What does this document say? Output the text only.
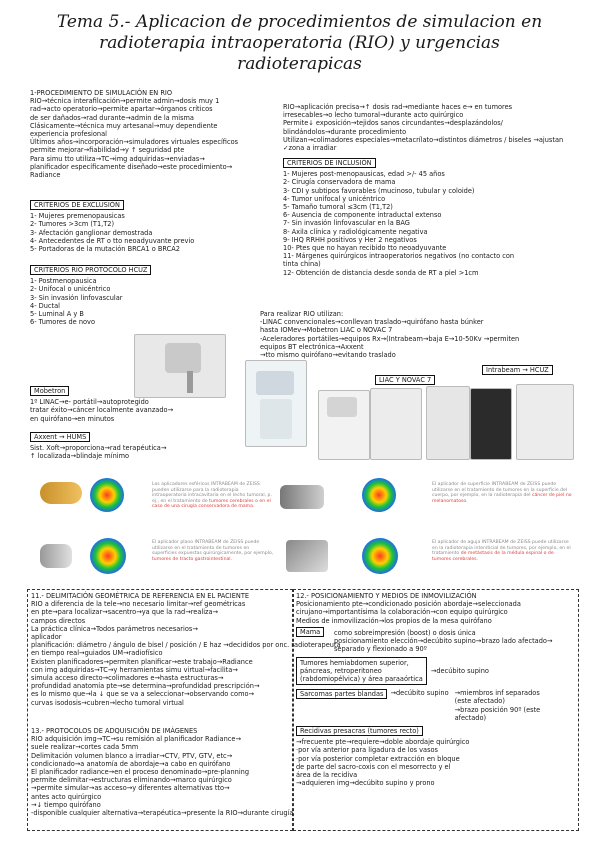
Tema 5.- Aplicacion de procedimientos de simulacion en
radioterapia intraoperatoria (RIO) y urgencias
radioterapicas
1-PROCEDIMIENTO DE SIMULACIÓN EN RIO
RIO→técnica interafilcación→permite admin→dosis muy 1
rad→acto operatorio→permite apartar→órganos críticos
de ser dañados→rad durante→admin de la misma
Clásicamente→técnica muy artesanal→muy dependiente
experiencia profesional
Últimos años→incorporación→simuladores virtuales específicos
permite mejorar→fiabilidad→y ↑ seguridad pte
Para simu tto utiliza→TC→img adquiridas→enviadas→
planificador específicamente diseñado→este procedimiento→
Radiance
CRITERIOS DE EXCLUSIÓN
1- Mujeres premenopausicas
2- Tumores >3cm (T1,T2)
3- Afectación ganglionar demostrada
4- Antecedentes de RT o tto neoadyuvante previo
5- Portadoras de la mutación BRCA1 o BRCA2
CRITERIOS RIO PROTOCOLO HCUZ
1- Postmenopausica
2- Unifocal o unicéntrico
3- Sin invasión linfovascular
4- Ductal
5- Luminal A y B
6- Tumores de novo
RIO→aplicación precisa→↑ dosis rad→mediante haces e→ en tumores
irresecables→o lecho tumoral→durante acto quirúrgico
Permite↓ exposición→tejidos sanos circundantes→desplazándolos/
blindándolos→durante procedimiento
Utilizan→colimadores especiales→metacrílato→distintos diámetros / biseles →ajustan
✓zona a irradiar
CRITERIOS DE INCLUSIÓN
1- Mujeres post-menopausicas, edad >/- 45 años
2- Cirugía conservadora de mama
3- CDI y subtipos favorables (mucinoso, tubular y coloide)
4- Tumor unifocal y unicéntrico
5- Tamaño tumoral ≤3cm (T1,T2)
6- Ausencia de componente intraductal extenso
7- Sin invasión linfovascular en la BAG
8- Axila clínica y radiológicamente negativa
9- IHQ RRHH positivos y Her 2 negativos
10- Ptes que no hayan recibido tto neoadyuvante
11- Márgenes quirúrgicos intraoperatorios negativos (no contacto con
tinta china)
12- Obtención de distancia desde sonda de RT a piel >1cm
Para realizar RIO utilizan:
-LINAC convencionales→conllevan traslado→quirófano hasta búnker
hasta IOMev→Mobetron LIAC o NOVAC 7
-Aceleradores portátiles→equipos Rx→(Intrabeam→baja E→10-50Kv →permiten
equipos BT electrónica→Axxent
→tto mismo quirófano→evitando traslado
LIAC Y NOVAC 7
Intrabeam → HCUZ
Mobetron
1º LINAC→e- portátil→autoprotegido
tratar éxito→cáncer localmente avanzado→
en quirófano→en minutos
Axxent → HUMS
Sist. Xoft→proporciona→rad terapéutica→
↑ localizada→blindaje mínimo
Los aplicadores esféricos INTRABEAM de ZEISS pueden utilizarse para la radioterapia intraoperatoria intracavitaria en el lecho tumoral, p. ej., en el tratamiento de tumores cerebrales o en el caso de una cirugía conservadora de mama.
El aplicador de superficie INTRABEAM de ZEISS puede utilizarse en el tratamiento de tumores en la superficie del cuerpo, por ejemplo, en la radioterapia del cáncer de piel no melanomatoso.
El aplicador plano INTRABEAM de ZEISS puede utilizarse en el tratamiento de tumores en superficies expuestas quirúrgicamente, por ejemplo, tumores de tracto gastrointestinal.
El aplicador de aguja INTRABEAM de ZEISS puede utilizarse en la radioterapia intersticial de tumores, por ejemplo, en el tratamiento de metástasis de la médula espinal o de tumores cerebrales.
11.- DELIMITACIÓN GEOMÉTRICA DE REFERENCIA EN EL PACIENTE
RIO a diferencia de la tele→no necesario limitar→ref geométricas
en pte→para localizar→sacentro→ya que la rad→realiza→
campos directos
La práctica clínica→Todos parámetros necesarios→
aplicador
planificación: diámetro / ángulo de bisel / posición / E haz →decididos por onc. radioterapeuta
en tiempo real→guiados UM→radiofísico
Existen planificadores→permiten planificar→este trabajo→Radiance
con img adquiridas→TC→y herramientas simu virtual→facilita→
simula acceso directo→colimadores e→hasta estructuras→
profundidad anatomía pte→se determina→profundidad prescripción→
es lo mismo que→la ↓ que se va a seleccionar→observando como→
curvas isodosis→cubren→lecho tumoral virtual
13.- PROTOCOLOS DE ADQUISICIÓN DE IMÁGENES
RIO adquisición img→TC→su remisión al planificador Radiance→
suele realizar→cortes cada 5mm
Delimitación volumen blanco a irradiar→CTV, PTV, GTV, etc→
condicionado→a anatomía de abordaje→a cabo en quirófano
El planificador radiance→en el proceso denominado→pre-planning
permite delimitar→estructuras eliminando→marco quirúrgico
→permite simular→as acceso→y diferentes alternativas tto→
antes acto quirúrgico
→↓ tiempo quirófano
-disponible cualquier alternativa→terapéutica→presente la RIO→durante cirugía
12.- POSICIONAMIENTO Y MEDIOS DE INMOVILIZACIÓN
Posicionamiento pte→condicionado posición abordaje→seleccionada
cirujano→importantísima la colaboración→con equipo quirúrgico
Medios de inmovilización→los propios de la mesa quirófano
Mama	como sobreimpresión (boost) o dosis única
posicionamiento elección→decúbito supino→brazo lado afectado→
separado y flexionado a 90º
Tumores hemiabdomen superior,
páncreas, retroperitoneo
(rabdomiopélvica) y área paraaórtica
→decúbito supino
Sarcomas partes blandas	→decúbito supino →miembros inf separados
(este afectado)
→brazo posición 90º (este
afectado)
Recidivas presacras (tumores recto)
→frecuente pte→requiere→doble abordaje quirúrgico
·por vía anterior para ligadura de los vasos
·por vía posterior completar extracción en bloque
de parte del sacro-coxis con el mesorrecto y el
área de la recidiva
→adquieren img→decúbito supino y prono
